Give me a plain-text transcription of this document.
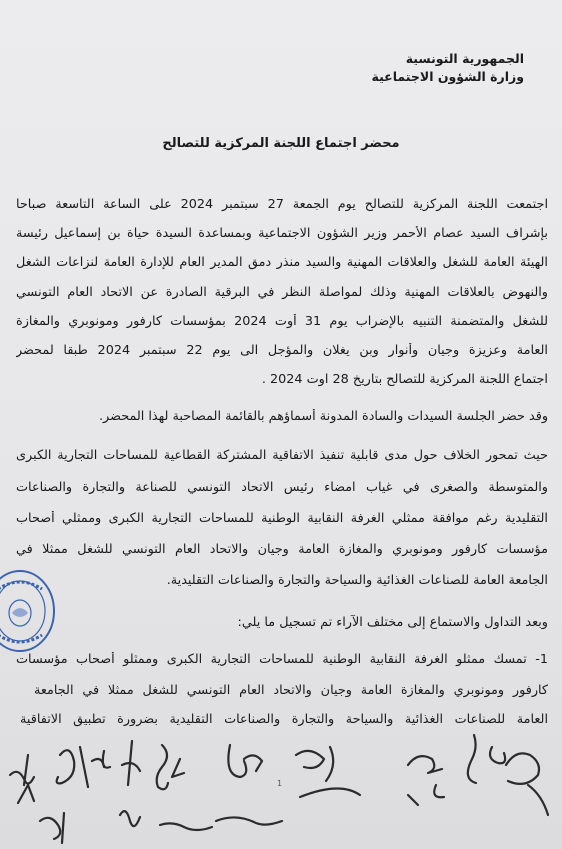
الجمهورية التونسية
وزارة الشؤون الاجتماعية
محضر اجتماع اللجنة المركزية للتصالح
اجتمعت اللجنة المركزية للتصالح يوم الجمعة 27 سبتمبر 2024 على الساعة التاسعة صباحا
بإشراف السيد عصام الأحمر وزير الشؤون الاجتماعية وبمساعدة السيدة حياة بن إسماعيل رئيسة
الهيئة العامة للشغل والعلاقات المهنية والسيد منذر دمق المدير العام للإدارة العامة لنزاعات الشغل
والنهوض بالعلاقات المهنية وذلك لمواصلة النظر في البرقية الصادرة عن الاتحاد العام التونسي
للشغل والمتضمنة التنبيه بالإضراب يوم 31 أوت 2024 بمؤسسات كارفور ومونوبري والمغازة
العامة وعزيزة وجيان وأنوار وبن يغلان والمؤجل الى يوم 22 سبتمبر 2024 طبقا لمحضر
اجتماع اللجنة المركزية للتصالح بتاريخ 28 اوت 2024 .
وقد حضر الجلسة السيدات والسادة المدونة أسماؤهم بالقائمة المصاحبة لهذا المحضر.
حيث تمحور الخلاف حول مدى قابلية تنفيذ الاتفاقية المشتركة القطاعية للمساحات التجارية الكبرى
والمتوسطة والصغرى في غياب امضاء رئيس الاتحاد التونسي للصناعة والتجارة والصناعات
التقليدية رغم موافقة ممثلي الغرفة النقابية الوطنية للمساحات التجارية الكبرى وممثلي أصحاب
مؤسسات كارفور ومونوبري والمغازة العامة وجيان والاتحاد العام التونسي للشغل ممثلا في
الجامعة العامة للصناعات الغذائية والسياحة والتجارة والصناعات التقليدية.
وبعد التداول والاستماع إلى مختلف الآراء تم تسجيل ما يلي:
1- تمسك ممثلو الغرفة النقابية الوطنية للمساحات التجارية الكبرى وممثلو أصحاب مؤسسات
كارفور ومونوبري والمغازة العامة وجيان والاتحاد العام التونسي للشغل ممثلا في الجامعة
العامة للصناعات الغذائية والسياحة والتجارة والصناعات التقليدية بضرورة تطبيق الاتفاقية
1
